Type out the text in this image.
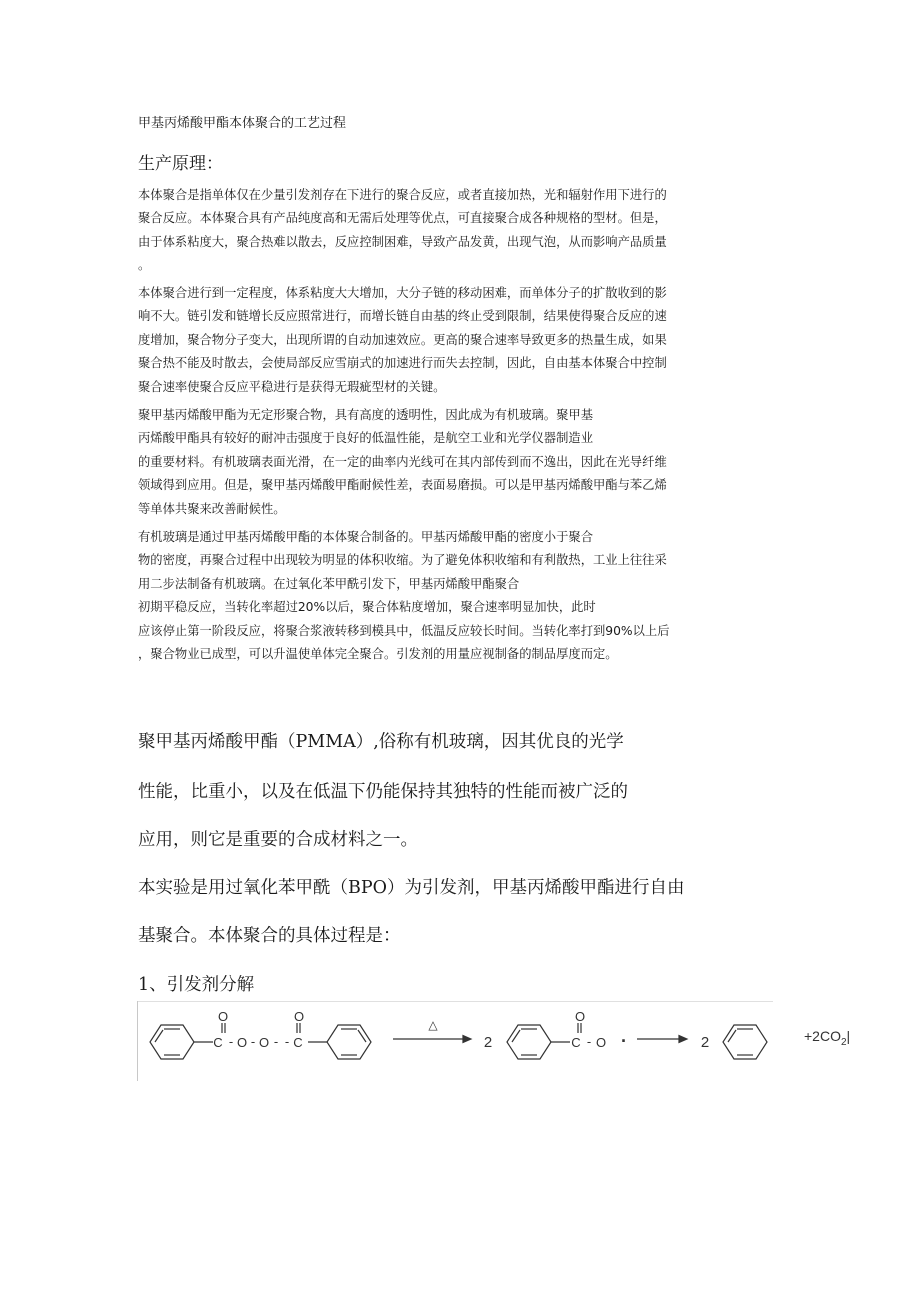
甲基丙烯酸甲酯本体聚合的工艺过程
生产原理：
本体聚合是指单体仅在少量引发剂存在下进行的聚合反应，或者直接加热，光和辐射作用下进行的
聚合反应。本体聚合具有产品纯度高和无需后处理等优点，可直接聚合成各种规格的型材。但是，
由于体系粘度大，聚合热难以散去，反应控制困难，导致产品发黄，出现气泡，从而影响产品质量
。
本体聚合进行到一定程度，体系粘度大大增加，大分子链的移动困难，而单体分子的扩散收到的影
响不大。链引发和链增长反应照常进行，而增长链自由基的终止受到限制，结果使得聚合反应的速
度增加，聚合物分子变大，出现所谓的自动加速效应。更高的聚合速率导致更多的热量生成，如果
聚合热不能及时散去，会使局部反应雪崩式的加速进行而失去控制，因此，自由基本体聚合中控制
聚合速率使聚合反应平稳进行是获得无瑕疵型材的关键。
聚甲基丙烯酸甲酯为无定形聚合物，具有高度的透明性，因此成为有机玻璃。聚甲基
丙烯酸甲酯具有较好的耐冲击强度于良好的低温性能，是航空工业和光学仪器制造业
的重要材料。有机玻璃表面光滑，在一定的曲率内光线可在其内部传到而不逸出，因此在光导纤维
领域得到应用。但是，聚甲基丙烯酸甲酯耐候性差，表面易磨损。可以是甲基丙烯酸甲酯与苯乙烯
等单体共聚来改善耐候性。
有机玻璃是通过甲基丙烯酸甲酯的本体聚合制备的。甲基丙烯酸甲酯的密度小于聚合
物的密度，再聚合过程中出现较为明显的体积收缩。为了避免体积收缩和有利散热，工业上往往采
用二步法制备有机玻璃。在过氧化苯甲酰引发下，甲基丙烯酸甲酯聚合
初期平稳反应，当转化率超过20%以后，聚合体粘度增加，聚合速率明显加快，此时
应该停止第一阶段反应，将聚合浆液转移到模具中，低温反应较长时间。当转化率打到90%以上后
，聚合物业已成型，可以升温使单体完全聚合。引发剂的用量应视制备的制品厚度而定。
聚甲基丙烯酸甲酯（PMMA）,俗称有机玻璃，因其优良的光学
性能，比重小，以及在低温下仍能保持其独特的性能而被广泛的
应用，则它是重要的合成材料之一。
本实验是用过氧化苯甲酰（BPO）为引发剂，甲基丙烯酸甲酯进行自由
基聚合。本体聚合的具体过程是：
1、引发剂分解
O
C - O - O -
O
C
-
△
2
O
C - O ·	2	$+2CO_2|$
